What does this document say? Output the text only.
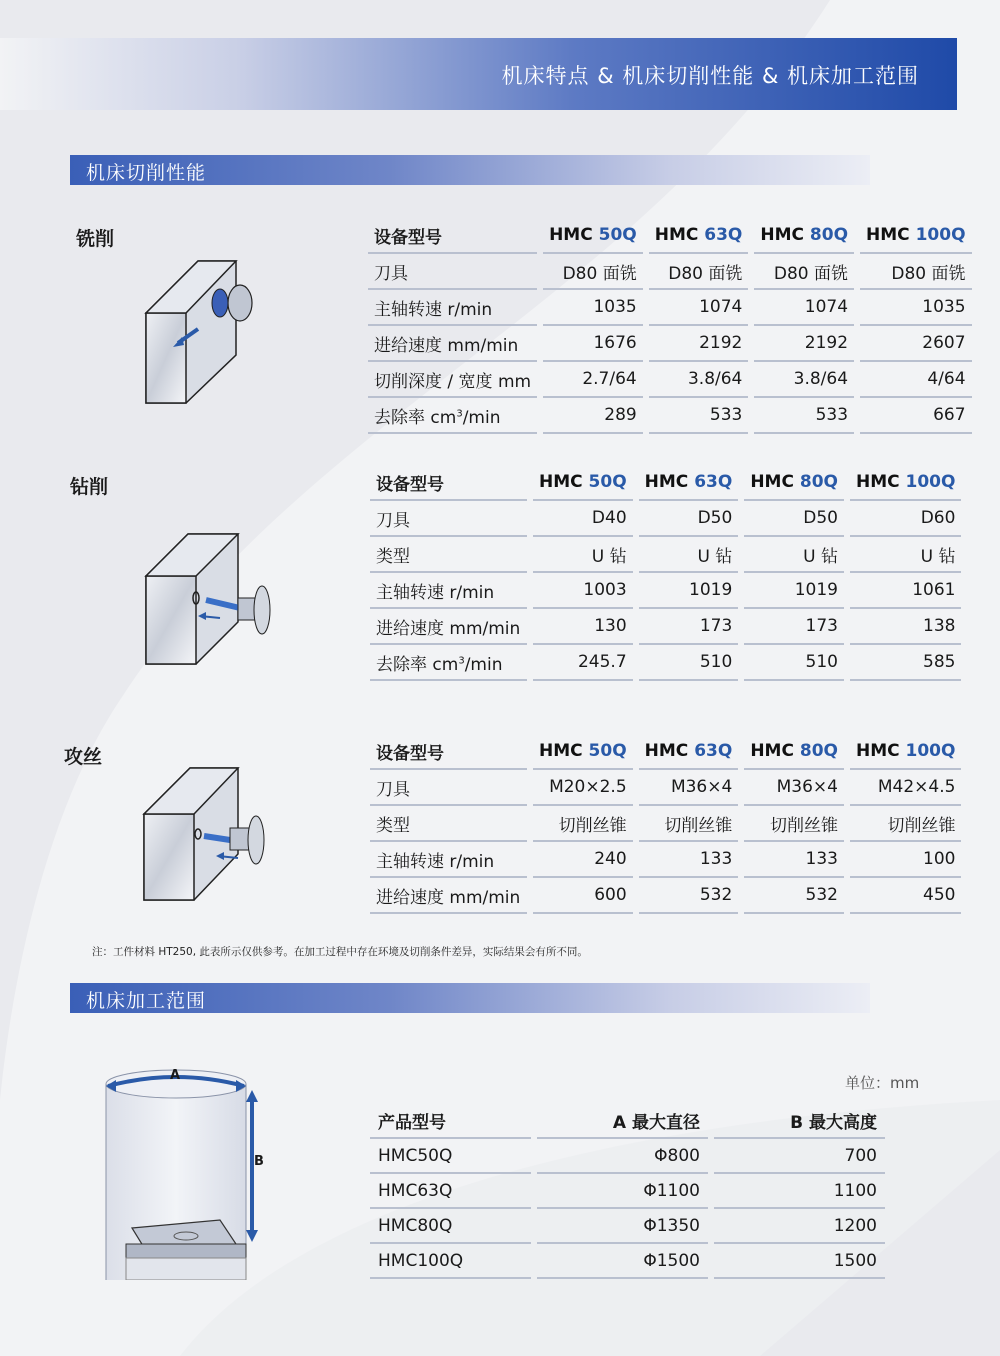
机床特点 & 机床切削性能 & 机床加工范围
机床切削性能
铣削	设备型号	HMC 50Q	HMC 63Q	HMC 80Q	HMC 100Q
刀具	D80 面铣	D80 面铣	D80 面铣	D80 面铣
主轴转速 r/min	1035	1074	1074	1035
进给速度 mm/min	1676	2192	2192	2607
切削深度 / 宽度 mm	2.7/64	3.8/64	3.8/64	4/64
去除率 $cm^3/\min$	289	533	533	667
钻削	设备型号	HMC 50Q	HMC 63Q	HMC 80Q	HMC 100Q
刀具	D40	D50	D50	D60
类型	U 钻	U 钻	U 钻	U 钻
主轴转速 r/min	1003	1019	1019	1061
进给速度 mm/min	130	173	173	138
去除率 $cm^3/\min$	245.7	510	510	585
攻丝	设备型号	HMC 50Q	HMC 63Q	HMC 80Q	HMC 100Q
刀具	M20×2.5	M36×4	M36×4	M42×4.5
类型	切削丝锥	切削丝锥	切削丝锥	切削丝锥
主轴转速 r/min	240	133	133	100
进给速度 mm/min	600	532	532	450
注：工件材料 HT250, 此表所示仅供参考。在加工过程中存在环境及切削条件差异，实际结果会有所不同。
机床加工范围
A
B
单位：mm
产品型号	A 最大直径	B 最大高度
HMC50Q	Φ800	700
HMC63Q	Φ1100	1100
HMC80Q	Φ1350	1200
HMC100Q	Φ1500	1500
